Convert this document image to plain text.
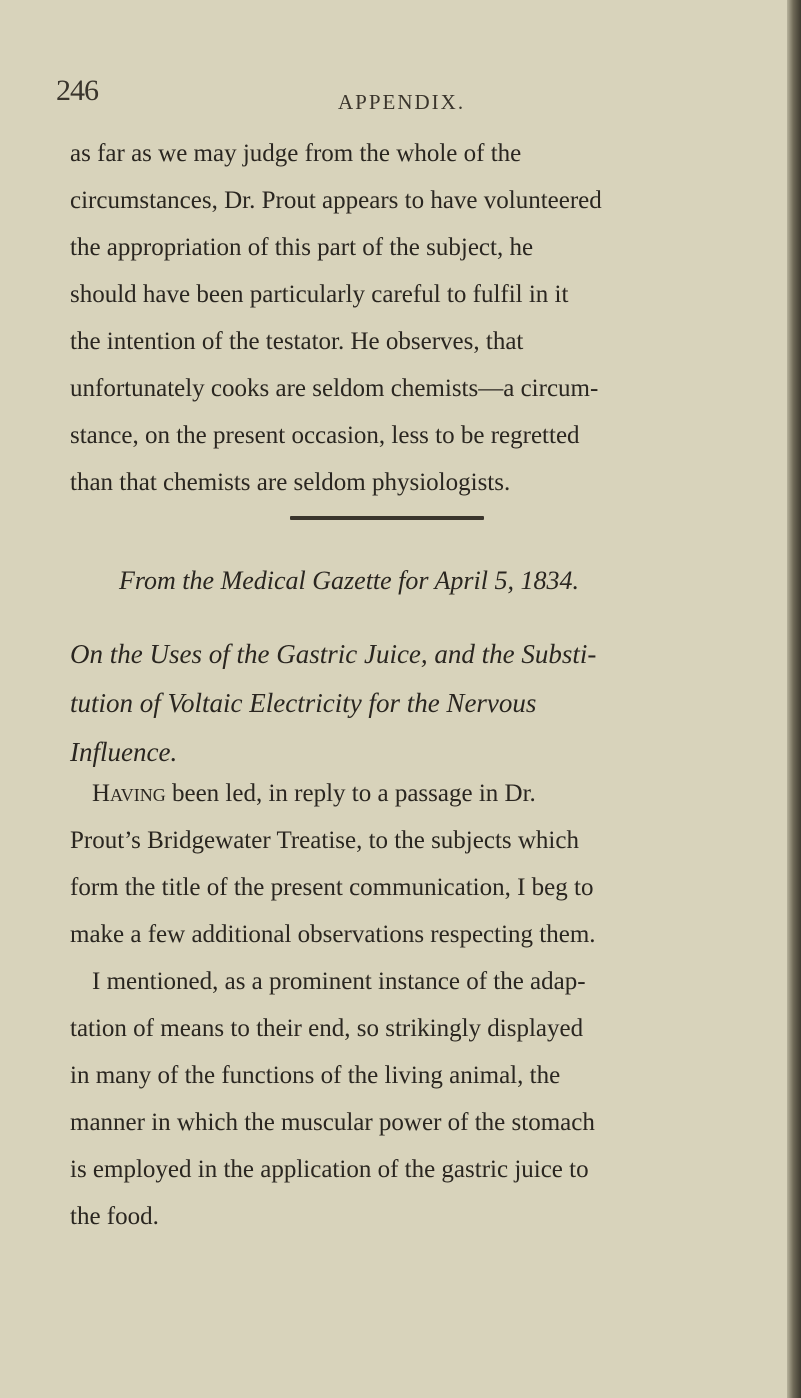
246	APPENDIX.

as far as we may judge from the whole of the
circumstances, Dr. Prout appears to have volunteered
the appropriation of this part of the subject, he
should have been particularly careful to fulfil in it
the intention of the testator. He observes, that
unfortunately cooks are seldom chemists—a circum-
stance, on the present occasion, less to be regretted
than that chemists are seldom physiologists.

From the Medical Gazette for April 5, 1834.
On the Uses of the Gastric Juice, and the Substi-
tution of Voltaic Electricity for the Nervous
Influence.

Having been led, in reply to a passage in Dr.
Prout’s Bridgewater Treatise, to the subjects which
form the title of the present communication, I beg to
make a few additional observations respecting them.

I mentioned, as a prominent instance of the adap-
tation of means to their end, so strikingly displayed
in many of the functions of the living animal, the
manner in which the muscular power of the stomach
is employed in the application of the gastric juice to
the food.
